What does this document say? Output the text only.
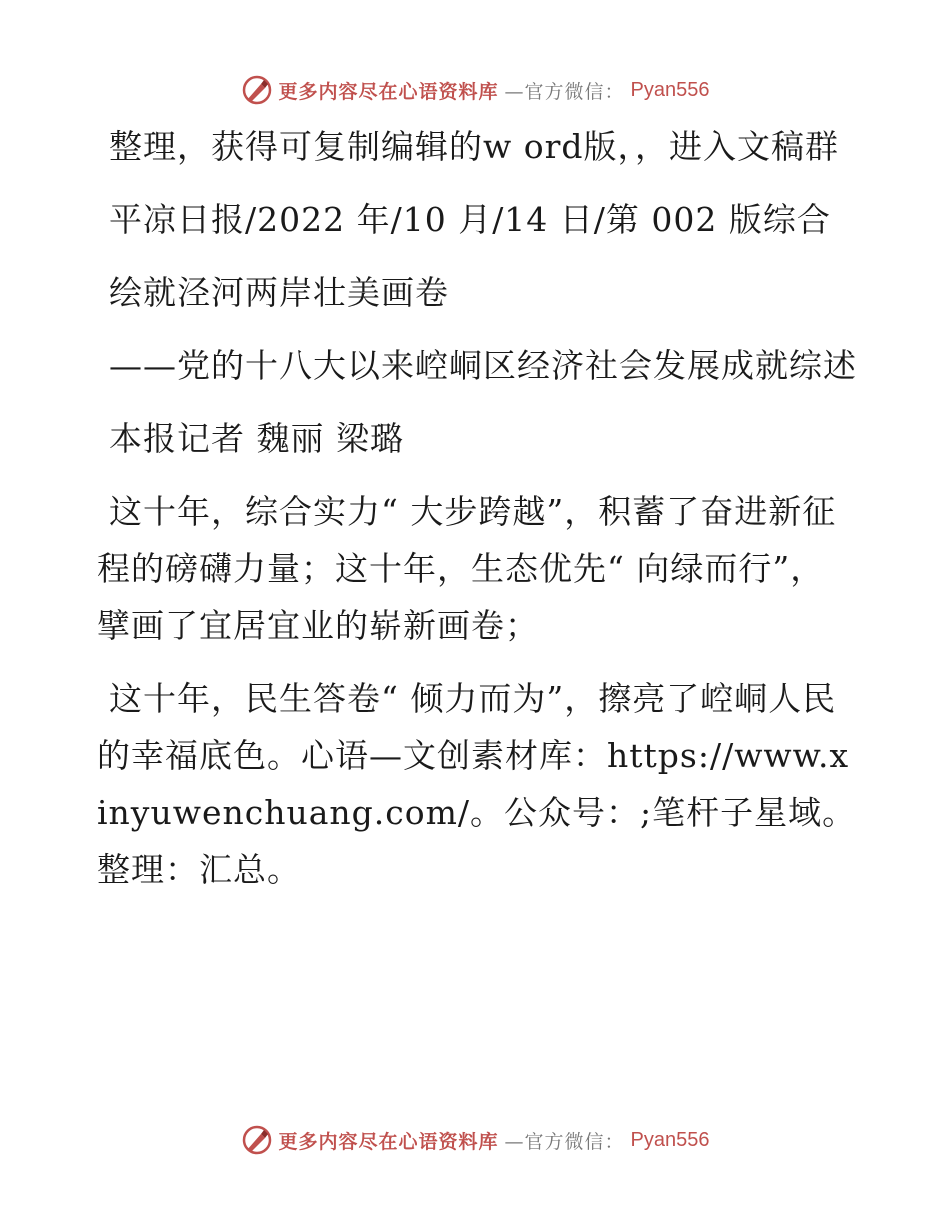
更多内容尽在心语资料库 —官方微信： Pyan556

整理，获得可复制编辑的w ord版，，进入文稿群

平凉日报/2022 年/10 月/14 日/第 002 版综合

绘就泾河两岸壮美画卷

——党的十八大以来崆峒区经济社会发展成就综述

本报记者 魏丽 梁璐

这十年，综合实力“ 大步跨越”，积蓄了奋进新征程的磅礴力量；这十年，生态优先“ 向绿而行”，擘画了宜居宜业的崭新画卷；

这十年，民生答卷“ 倾力而为”，擦亮了崆峒人民的幸福底色。心语—文创素材库：https://www.xinyuwenchuang.com/。公众号：;笔杆子星域。整理：汇总。

更多内容尽在心语资料库 —官方微信： Pyan556
